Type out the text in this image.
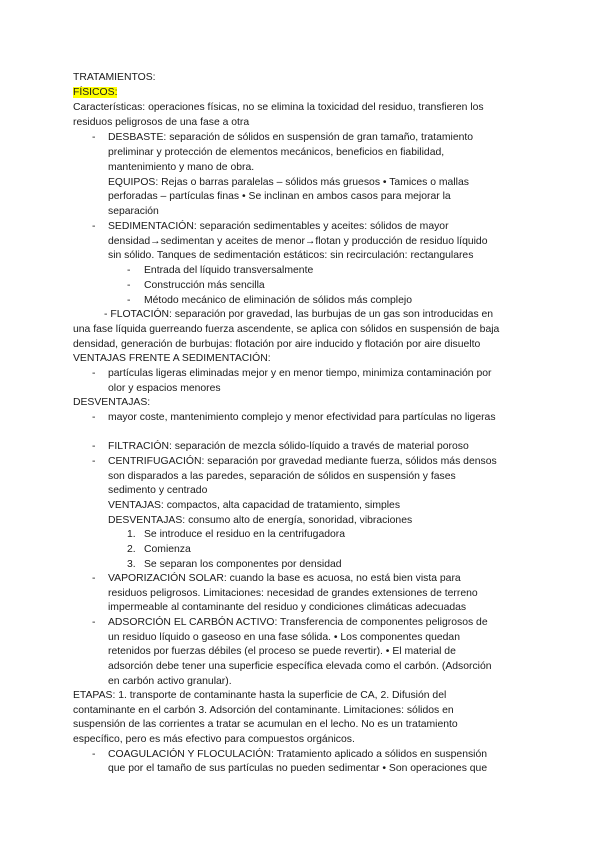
TRATAMIENTOS:
FÍSICOS:
Características: operaciones físicas, no se elimina la toxicidad del residuo, transfieren los
residuos peligrosos de una fase a otra
- DESBASTE: separación de sólidos en suspensión de gran tamaño, tratamiento
preliminar y protección de elementos mecánicos, beneficios en fiabilidad,
mantenimiento y mano de obra.
EQUIPOS: Rejas o barras paralelas – sólidos más gruesos • Tamices o mallas
perforadas – partículas finas • Se inclinan en ambos casos para mejorar la
separación
- SEDIMENTACIÓN: separación sedimentables y aceites: sólidos de mayor
densidad→sedimentan y aceites de menor→flotan y producción de residuo líquido
sin sólido. Tanques de sedimentación estáticos: sin recirculación: rectangulares
- Entrada del líquido transversalmente
- Construcción más sencilla
- Método mecánico de eliminación de sólidos más complejo
- FLOTACIÓN: separación por gravedad, las burbujas de un gas son introducidas en
una fase líquida guerreando fuerza ascendente, se aplica con sólidos en suspensión de baja
densidad, generación de burbujas: flotación por aire inducido y flotación por aire disuelto
VENTAJAS FRENTE A SEDIMENTACIÓN:
- partículas ligeras eliminadas mejor y en menor tiempo, minimiza contaminación por
olor y espacios menores
DESVENTAJAS:
- mayor coste, mantenimiento complejo y menor efectividad para partículas no ligeras
- FILTRACIÓN: separación de mezcla sólido-líquido a través de material poroso
- CENTRIFUGACIÓN: separación por gravedad mediante fuerza, sólidos más densos
son disparados a las paredes, separación de sólidos en suspensión y fases
sedimento y centrado
VENTAJAS: compactos, alta capacidad de tratamiento, simples
DESVENTAJAS: consumo alto de energía, sonoridad, vibraciones
1. Se introduce el residuo en la centrifugadora
2. Comienza
3. Se separan los componentes por densidad
- VAPORIZACIÓN SOLAR: cuando la base es acuosa, no está bien vista para
residuos peligrosos. Limitaciones: necesidad de grandes extensiones de terreno
impermeable al contaminante del residuo y condiciones climáticas adecuadas
- ADSORCIÓN EL CARBÓN ACTIVO: Transferencia de componentes peligrosos de
un residuo líquido o gaseoso en una fase sólida. • Los componentes quedan
retenidos por fuerzas débiles (el proceso se puede revertir). • El material de
adsorción debe tener una superficie específica elevada como el carbón. (Adsorción
en carbón activo granular).
ETAPAS: 1. transporte de contaminante hasta la superficie de CA, 2. Difusión del
contaminante en el carbón 3. Adsorción del contaminante. Limitaciones: sólidos en
suspensión de las corrientes a tratar se acumulan en el lecho. No es un tratamiento
específico, pero es más efectivo para compuestos orgánicos.
- COAGULACIÓN Y FLOCULACIÓN: Tratamiento aplicado a sólidos en suspensión
que por el tamaño de sus partículas no pueden sedimentar • Son operaciones que
